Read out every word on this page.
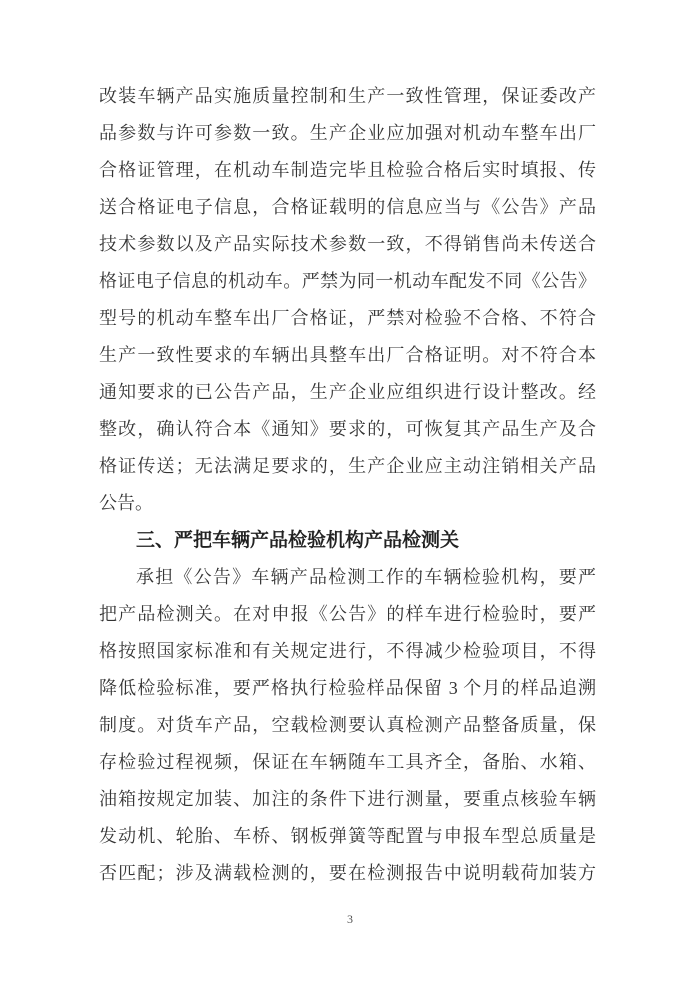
改装车辆产品实施质量控制和生产一致性管理，保证委改产
品参数与许可参数一致。生产企业应加强对机动车整车出厂
合格证管理，在机动车制造完毕且检验合格后实时填报、传
送合格证电子信息，合格证载明的信息应当与《公告》产品
技术参数以及产品实际技术参数一致，不得销售尚未传送合
格证电子信息的机动车。严禁为同一机动车配发不同《公告》
型号的机动车整车出厂合格证，严禁对检验不合格、不符合
生产一致性要求的车辆出具整车出厂合格证明。对不符合本
通知要求的已公告产品，生产企业应组织进行设计整改。经
整改，确认符合本《通知》要求的，可恢复其产品生产及合
格证传送；无法满足要求的，生产企业应主动注销相关产品
公告。
三、严把车辆产品检验机构产品检测关
承担《公告》车辆产品检测工作的车辆检验机构，要严
把产品检测关。在对申报《公告》的样车进行检验时，要严
格按照国家标准和有关规定进行，不得减少检验项目，不得
降低检验标准，要严格执行检验样品保留 3 个月的样品追溯
制度。对货车产品，空载检测要认真检测产品整备质量，保
存检验过程视频，保证在车辆随车工具齐全，备胎、水箱、
油箱按规定加装、加注的条件下进行测量，要重点核验车辆
发动机、轮胎、车桥、钢板弹簧等配置与申报车型总质量是
否匹配；涉及满载检测的，要在检测报告中说明载荷加装方
3
